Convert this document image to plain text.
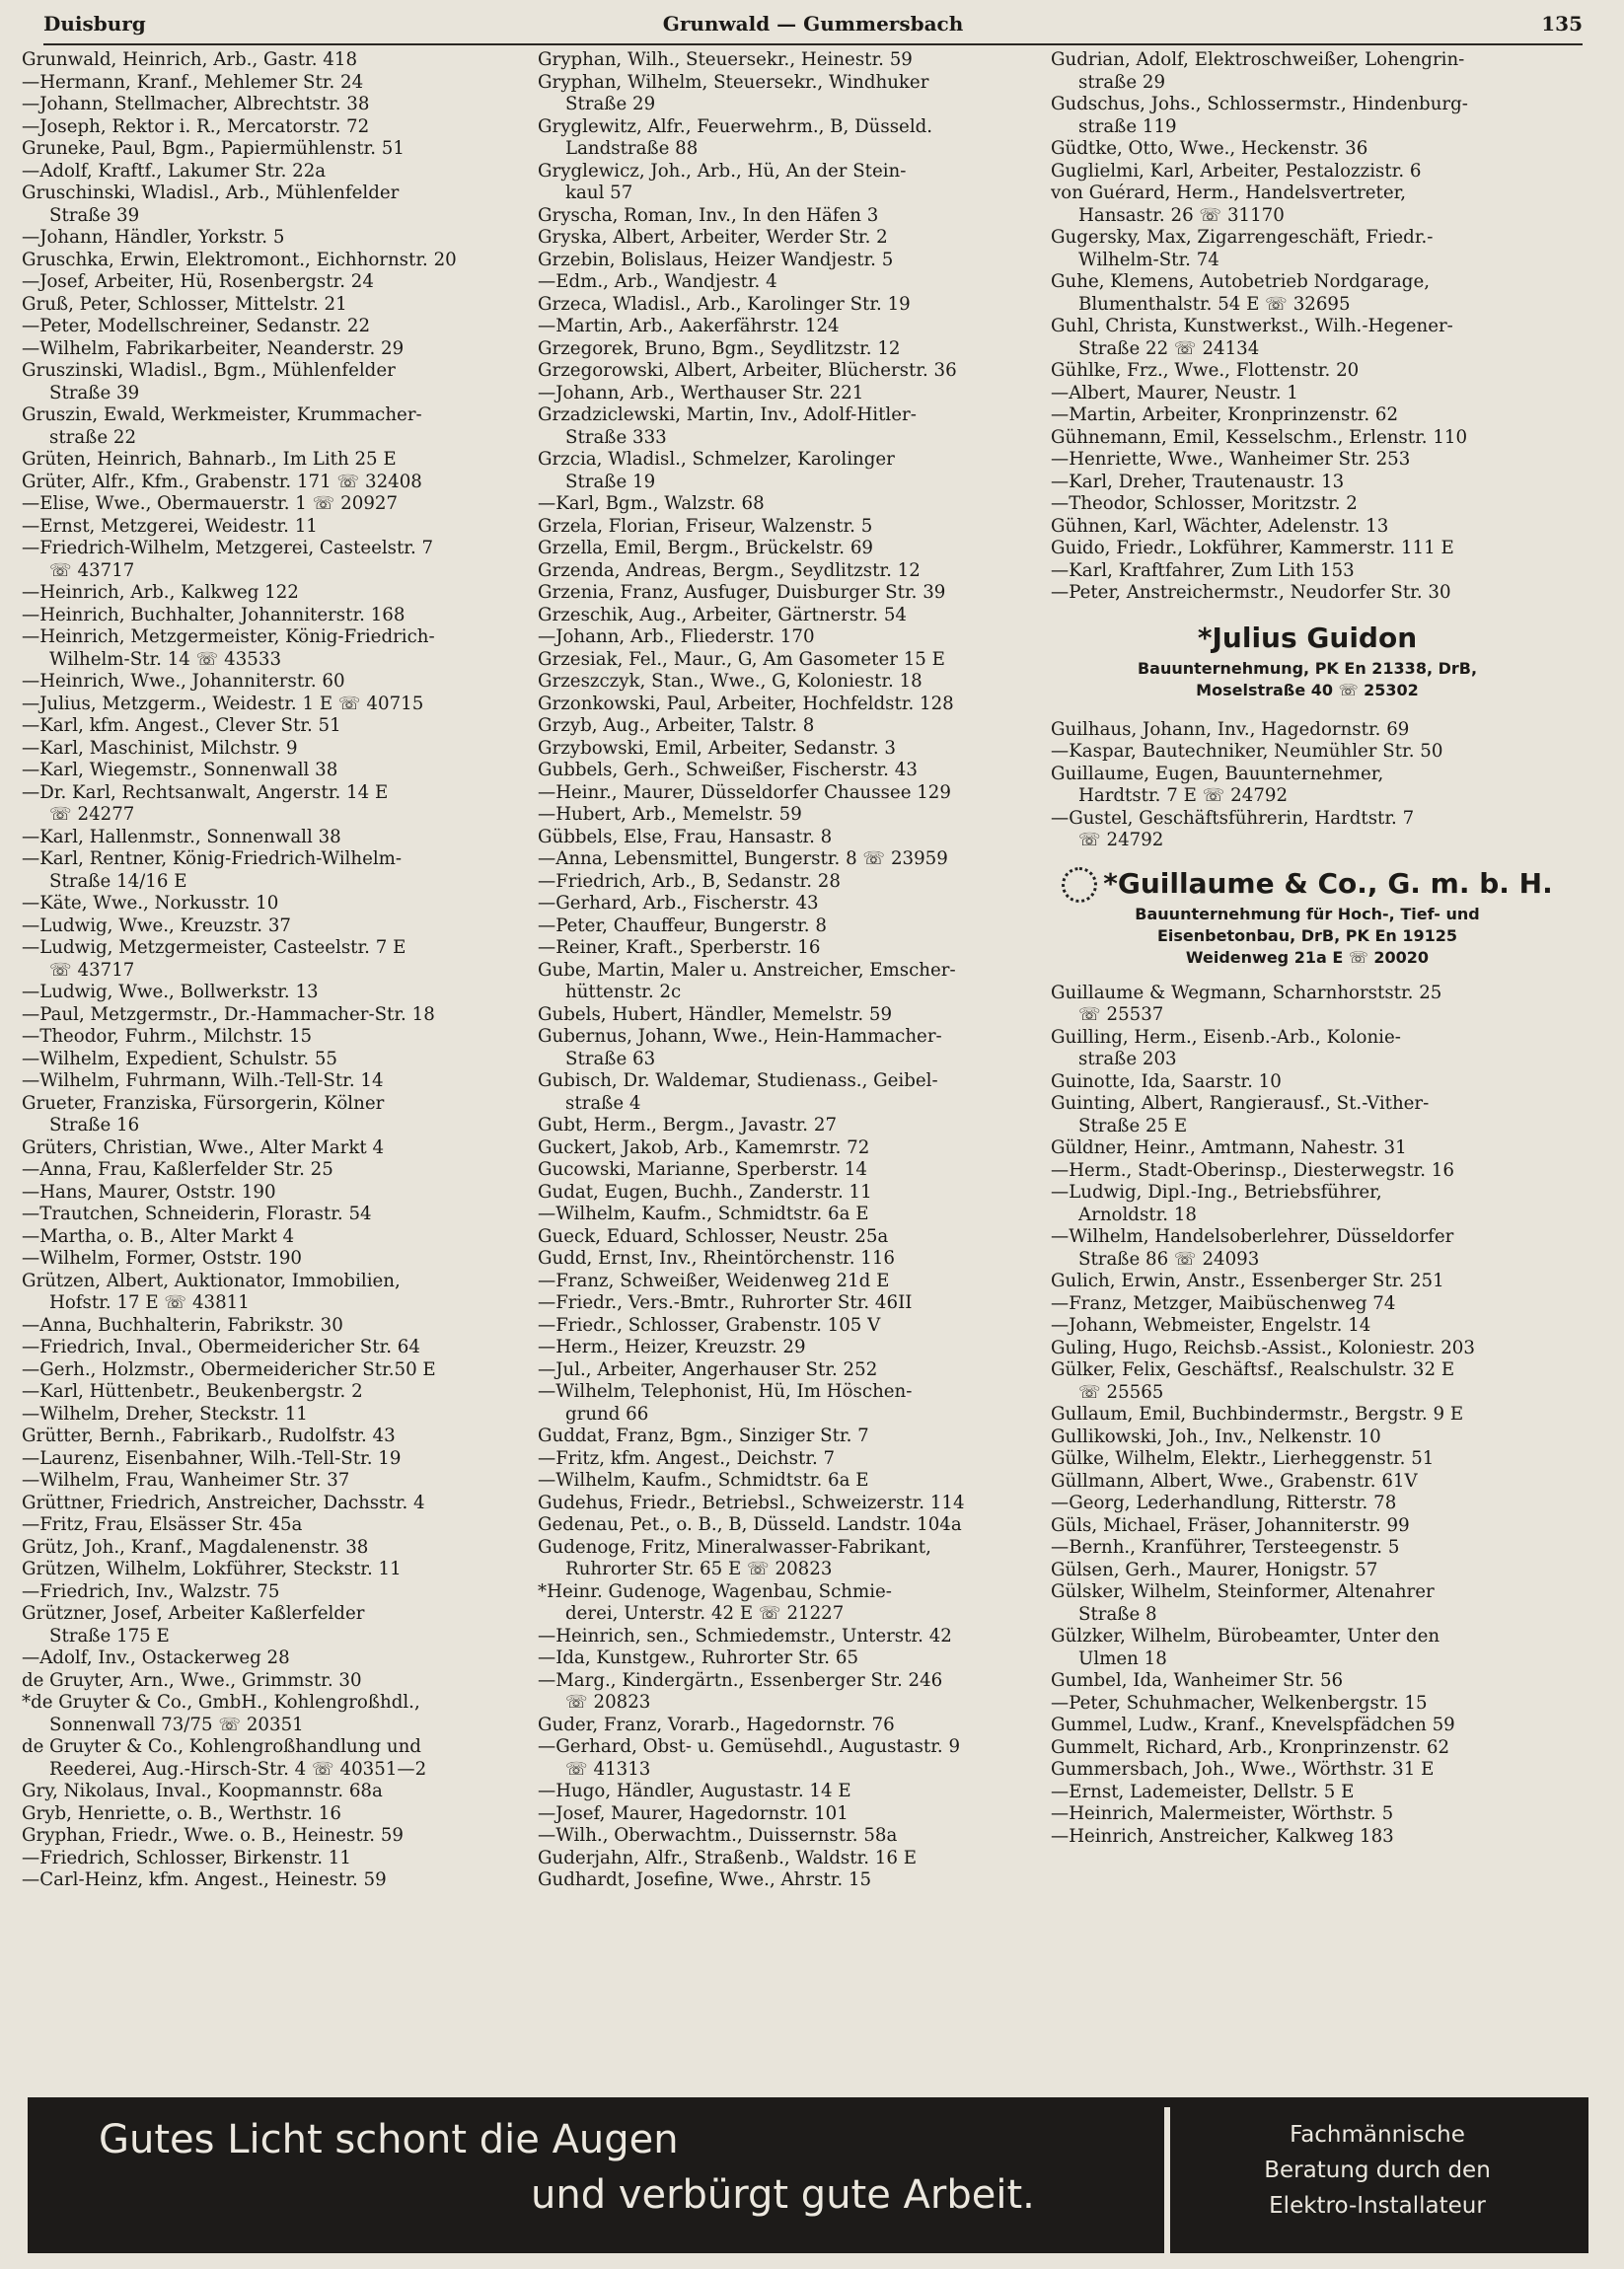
Duisburg	Grunwald — Gummersbach	135
Grunwald, Heinrich, Arb., Gastr. 418
—Hermann, Kranf., Mehlemer Str. 24
—Johann, Stellmacher, Albrechtstr. 38
—Joseph, Rektor i. R., Mercatorstr. 72
Gruneke, Paul, Bgm., Papiermühlenstr. 51
—Adolf, Kraftf., Lakumer Str. 22a
Gruschinski, Wladisl., Arb., Mühlenfelder
Straße 39
—Johann, Händler, Yorkstr. 5
Gruschka, Erwin, Elektromont., Eichhornstr. 20
—Josef, Arbeiter, Hü, Rosenbergstr. 24
Gruß, Peter, Schlosser, Mittelstr. 21
—Peter, Modellschreiner, Sedanstr. 22
—Wilhelm, Fabrikarbeiter, Neanderstr. 29
Gruszinski, Wladisl., Bgm., Mühlenfelder
Straße 39
Gruszin, Ewald, Werkmeister, Krummacher-
straße 22
Grüten, Heinrich, Bahnarb., Im Lith 25 E
Grüter, Alfr., Kfm., Grabenstr. 171 ☏ 32408
—Elise, Wwe., Obermauerstr. 1 ☏ 20927
—Ernst, Metzgerei, Weidestr. 11
—Friedrich-Wilhelm, Metzgerei, Casteelstr. 7
☏ 43717
—Heinrich, Arb., Kalkweg 122
—Heinrich, Buchhalter, Johanniterstr. 168
—Heinrich, Metzgermeister, König-Friedrich-
Wilhelm-Str. 14 ☏ 43533
—Heinrich, Wwe., Johanniterstr. 60
—Julius, Metzgerm., Weidestr. 1 E ☏ 40715
—Karl, kfm. Angest., Clever Str. 51
—Karl, Maschinist, Milchstr. 9
—Karl, Wiegemstr., Sonnenwall 38
—Dr. Karl, Rechtsanwalt, Angerstr. 14 E
☏ 24277
—Karl, Hallenmstr., Sonnenwall 38
—Karl, Rentner, König-Friedrich-Wilhelm-
Straße 14/16 E
—Käte, Wwe., Norkusstr. 10
—Ludwig, Wwe., Kreuzstr. 37
—Ludwig, Metzgermeister, Casteelstr. 7 E
☏ 43717
—Ludwig, Wwe., Bollwerkstr. 13
—Paul, Metzgermstr., Dr.-Hammacher-Str. 18
—Theodor, Fuhrm., Milchstr. 15
—Wilhelm, Expedient, Schulstr. 55
—Wilhelm, Fuhrmann, Wilh.-Tell-Str. 14
Grueter, Franziska, Fürsorgerin, Kölner
Straße 16
Grüters, Christian, Wwe., Alter Markt 4
—Anna, Frau, Kaßlerfelder Str. 25
—Hans, Maurer, Oststr. 190
—Trautchen, Schneiderin, Florastr. 54
—Martha, o. B., Alter Markt 4
—Wilhelm, Former, Oststr. 190
Grützen, Albert, Auktionator, Immobilien,
Hofstr. 17 E ☏ 43811
—Anna, Buchhalterin, Fabrikstr. 30
—Friedrich, Inval., Obermeidericher Str. 64
—Gerh., Holzmstr., Obermeidericher Str.50 E
—Karl, Hüttenbetr., Beukenbergstr. 2
—Wilhelm, Dreher, Steckstr. 11
Grütter, Bernh., Fabrikarb., Rudolfstr. 43
—Laurenz, Eisenbahner, Wilh.-Tell-Str. 19
—Wilhelm, Frau, Wanheimer Str. 37
Grüttner, Friedrich, Anstreicher, Dachsstr. 4
—Fritz, Frau, Elsässer Str. 45a
Grütz, Joh., Kranf., Magdalenenstr. 38
Grützen, Wilhelm, Lokführer, Steckstr. 11
—Friedrich, Inv., Walzstr. 75
Grützner, Josef, Arbeiter Kaßlerfelder
Straße 175 E
—Adolf, Inv., Ostackerweg 28
de Gruyter, Arn., Wwe., Grimmstr. 30
*de Gruyter & Co., GmbH., Kohlengroßhdl.,
Sonnenwall 73/75 ☏ 20351
de Gruyter & Co., Kohlengroßhandlung und
Reederei, Aug.-Hirsch-Str. 4 ☏ 40351—2
Gry, Nikolaus, Inval., Koopmannstr. 68a
Gryb, Henriette, o. B., Werthstr. 16
Gryphan, Friedr., Wwe. o. B., Heinestr. 59
—Friedrich, Schlosser, Birkenstr. 11
—Carl-Heinz, kfm. Angest., Heinestr. 59
Gryphan, Wilh., Steuersekr., Heinestr. 59
Gryphan, Wilhelm, Steuersekr., Windhuker
Straße 29
Gryglewitz, Alfr., Feuerwehrm., B, Düsseld.
Landstraße 88
Gryglewicz, Joh., Arb., Hü, An der Stein-
kaul 57
Grysch​a, Roman, Inv., In den Häfen 3
Gryska, Albert, Arbeiter, Werder Str. 2
Grzebin, Bolislaus, Heizer Wandjestr. 5
—Edm., Arb., Wandjestr. 4
Grzeca, Wladisl., Arb., Karolinger Str. 19
—Martin, Arb., Aakerfährstr. 124
Grzegorek, Bruno, Bgm., Seydlitzstr. 12
Grzegorowski, Albert, Arbeiter, Blücherstr. 36
—Johann, Arb., Werthauser Str. 221
Grzadziclewski, Martin, Inv., Adolf-Hitler-
Straße 333
Grzcia, Wladisl., Schmelzer, Karolinger
Straße 19
—Karl, Bgm., Walzstr. 68
Grzela, Florian, Friseur, Walzenstr. 5
Grzella, Emil, Bergm., Brückelstr. 69
Grzenda, Andreas, Bergm., Seydlitzstr. 12
Grzenia, Franz, Ausfuger, Duisburger Str. 39
Grzeschik, Aug., Arbeiter, Gärtnerstr. 54
—Johann, Arb., Fliederstr. 170
Grzesiak, Fel., Maur., G, Am Gasometer 15 E
Grzeszczyk, Stan., Wwe., G, Koloniestr. 18
Grzonkowski, Paul, Arbeiter, Hochfeldstr. 128
Grzyb, Aug., Arbeiter, Talstr. 8
Grzybowski, Emil, Arbeiter, Sedanstr. 3
Gubbels, Gerh., Schweißer, Fischerstr. 43
—Heinr., Maurer, Düsseldorfer Chaussee 129
—Hubert, Arb., Memelstr. 59
Gübbels, Else, Frau, Hansastr. 8
—Anna, Lebensmittel, Bungerstr. 8 ☏ 23959
—Friedrich, Arb., B, Sedanstr. 28
—Gerhard, Arb., Fischerstr. 43
—Peter, Chauffeur, Bungerstr. 8
—Reiner, Kraft., Sperberstr. 16
Gube, Martin, Maler u. Anstreicher, Emscher-
hüttenstr. 2c
Gubels, Hubert, Händler, Memelstr. 59
Gubernus, Johann, Wwe., Hein-Hammacher-
Straße 63
Gubisch, Dr. Waldemar, Studienass., Geibel-
straße 4
Gubt, Herm., Bergm., Javastr. 27
Guckert, Jakob, Arb., Kamemrstr. 72
Gucowski, Marianne, Sperberstr. 14
Gudat, Eugen, Buchh., Zanderstr. 11
—Wilhelm, Kaufm., Schmidtstr. 6a E
Gueck, Eduard, Schlosser, Neustr. 25a
Gudd, Ernst, Inv., Rheintörchenstr. 116
—Franz, Schweißer, Weidenweg 21d E
—Friedr., Vers.-Bmtr., Ruhrorter Str. 46II
—Friedr., Schlosser, Grabenstr. 105 V
—Herm., Heizer, Kreuzstr. 29
—Jul., Arbeiter, Angerhauser Str. 252
—Wilhelm, Telephonist, Hü, Im Höschen-
grund 66
Guddat, Franz, Bgm., Sinziger Str. 7
—Fritz, kfm. Angest., Deichstr. 7
—Wilhelm, Kaufm., Schmidtstr. 6a E
Gudehus, Friedr., Betriebsl., Schweizerstr. 114
Gedenau, Pet., o. B., B, Düsseld. Landstr. 104a
Gudenoge, Fritz, Mineralwasser-Fabrikant,
Ruhrorter Str. 65 E ☏ 20823
*Heinr. Gudenoge, Wagenbau, Schmie-
derei, Unterstr. 42 E ☏ 21227
—Heinrich, sen., Schmiedemstr., Unterstr. 42
—Ida, Kunstgew., Ruhrorter Str. 65
—Marg., Kindergärtn., Essenberger Str. 246
☏ 20823
Guder, Franz, Vorarb., Hagedornstr. 76
—Gerhard, Obst- u. Gemüsehdl., Augustastr. 9
☏ 41313
—Hugo, Händler, Augustastr. 14 E
—Josef, Maurer, Hagedornstr. 101
—Wilh., Oberwachtm., Duissernstr. 58a
Guderjahn, Alfr., Straßenb., Waldstr. 16 E
Gudhardt, Josefine, Wwe., Ahrstr. 15
Gudrian, Adolf, Elektroschweißer, Lohengrin-
straße 29
Gudschus, Johs., Schlossermstr., Hindenburg-
straße 119
Güdtke, Otto, Wwe., Heckenstr. 36
Guglielmi, Karl, Arbeiter, Pestalozzistr. 6
von Guérard, Herm., Handelsvertreter,
Hansastr. 26 ☏ 31170
Gugersky, Max, Zigarrengeschäft, Friedr.-
Wilhelm-Str. 74
Guhe, Klemens, Autobetrieb Nordgarage,
Blumenthalstr. 54 E ☏ 32695
Guhl, Christa, Kunstwerkst., Wilh.-Hegener-
Straße 22 ☏ 24134
Gühlke, Frz., Wwe., Flottenstr. 20
—Albert, Maurer, Neustr. 1
—Martin, Arbeiter, Kronprinzenstr. 62
Gühnemann, Emil, Kesselschm., Erlenstr. 110
—Henriette, Wwe., Wanheimer Str. 253
—Karl, Dreher, Trautenaustr. 13
—Theodor, Schlosser, Moritzstr. 2
Gühnen, Karl, Wächter, Adelenstr. 13
Guido, Friedr., Lokführer, Kammerstr. 111 E
—Karl, Kraftfahrer, Zum Lith 153
—Peter, Anstreichermstr., Neudorfer Str. 30
*Julius Guidon
Bauunternehmung, PK En 21338, DrB,
Moselstraße 40 ☏ 25302
Guilhaus, Johann, Inv., Hagedornstr. 69
—Kaspar, Bautechniker, Neumühler Str. 50
Guillaume, Eugen, Bauunternehmer,
Hardtstr. 7 E ☏ 24792
—Gustel, Geschäftsführerin, Hardtstr. 7
☏ 24792
*Guillaume & Co., G. m. b. H.
Bauunternehmung für Hoch-, Tief- und
Eisenbetonbau, DrB, PK En 19125
Weidenweg 21a E ☏ 20020
Guillaume & Wegmann, Scharnhorststr. 25
☏ 25537
Guilling, Herm., Eisenb.-Arb., Kolonie-
straße 203
Guinotte, Ida, Saarstr. 10
Guinting, Albert, Rangierausf., St.-Vither-
Straße 25 E
Güldner, Heinr., Amtmann, Nahestr. 31
—Herm., Stadt-Oberinsp., Diesterwegstr. 16
—Ludwig, Dipl.-Ing., Betriebsführer,
Arnoldstr. 18
—Wilhelm, Handelsoberlehrer, Düsseldorfer
Straße 86 ☏ 24093
Gulich, Erwin, Anstr., Essenberger Str. 251
—Franz, Metzger, Maibüschenweg 74
—Johann, Webmeister, Engelstr. 14
Guling, Hugo, Reichsb.-Assist., Koloniestr. 203
Gülker, Felix, Geschäftsf., Realschulstr. 32 E
☏ 25565
Gullaum, Emil, Buchbindermstr., Bergstr. 9 E
Gullikowski, Joh., Inv., Nelkenstr. 10
Gülke, Wilhelm, Elektr., Lierheggenstr. 51
Güllmann, Albert, Wwe., Grabenstr. 61V
—Georg, Lederhandlung, Ritterstr. 78
Güls, Michael, Fräser, Johanniterstr. 99
—Bernh., Kranführer, Tersteegenstr. 5
Gülsen, Gerh., Maurer, Honigstr. 57
Gülsker, Wilhelm, Steinformer, Altenahrer
Straße 8
Gülzker, Wilhelm, Bürobeamter, Unter den
Ulmen 18
Gumbel, Ida, Wanheimer Str. 56
—Peter, Schuhmacher, Welkenbergstr. 15
Gummel, Ludw., Kranf., Knevelspfädchen 59
Gummelt, Richard, Arb., Kronprinzenstr. 62
Gummersbach, Joh., Wwe., Wörthstr. 31 E
—Ernst, Lademeister, Dellstr. 5 E
—Heinrich, Malermeister, Wörthstr. 5
—Heinrich, Anstreicher, Kalkweg 183
Gutes Licht schont die Augen
und verbürgt gute Arbeit.
Fachmännische
Beratung durch den
Elektro-Installateur
